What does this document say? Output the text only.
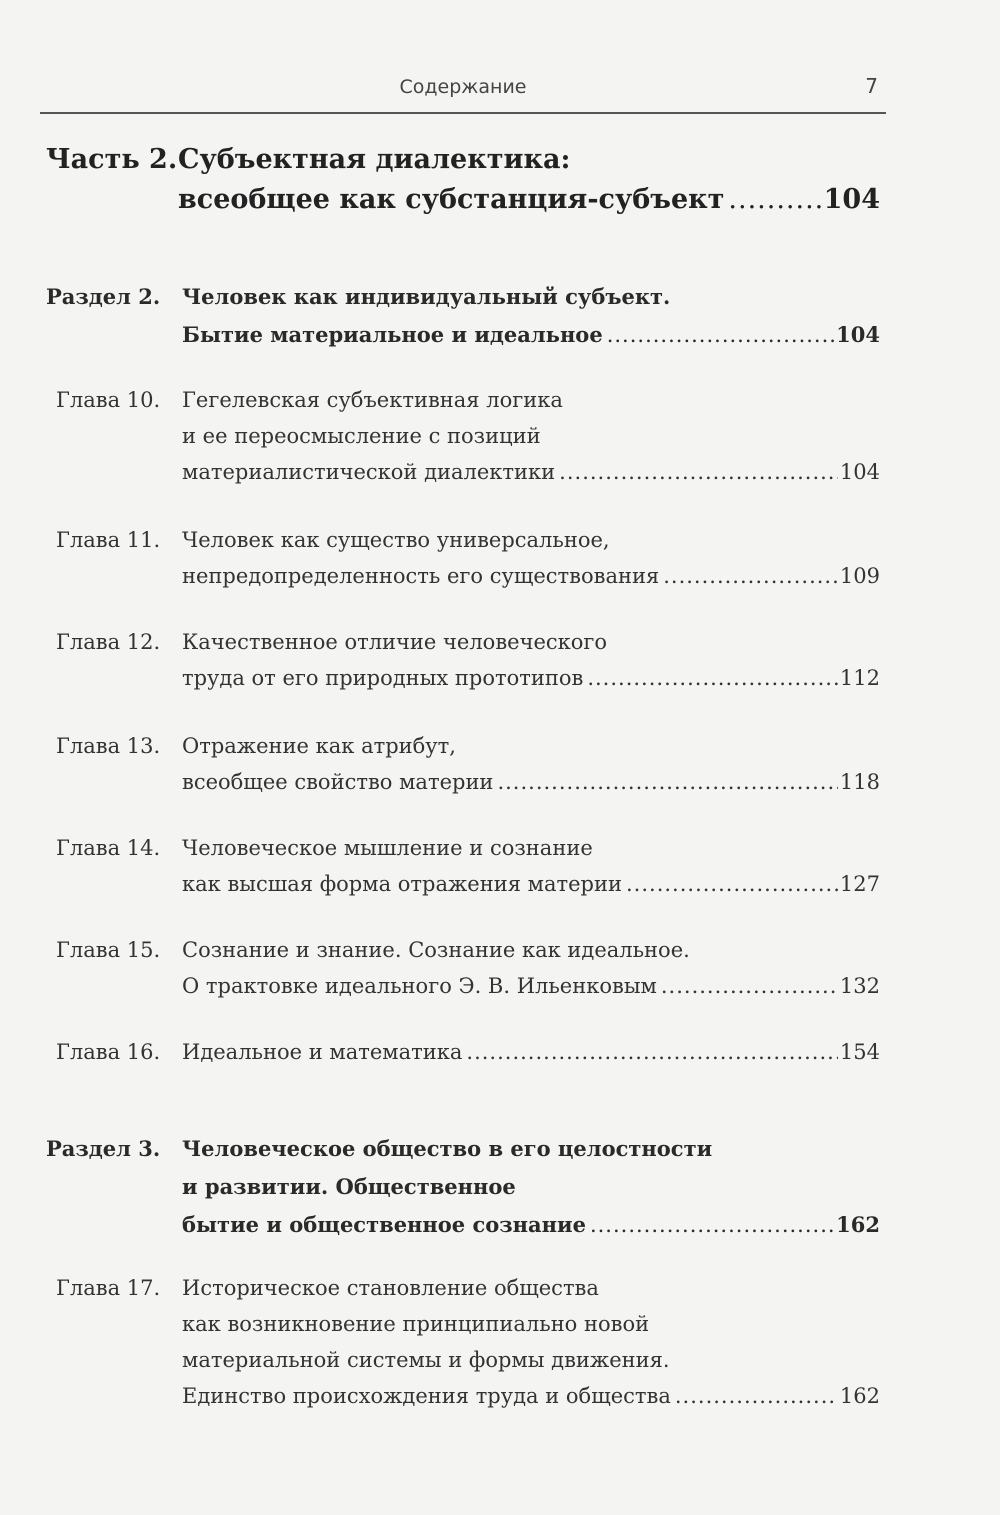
Содержание	7
Часть 2. Субъектная диалектика:
всеобщее как субстанция-субъект .....	104
Раздел 2. Человек как индивидуальный субъект.
Бытие материальное и идеальное .....	104
Глава 10. Гегелевская субъективная логика
и ее переосмысление с позиций
материалистической диалектики .....	104
Глава 11. Человек как существо универсальное,
непредопределенность его существования .....	109
Глава 12. Качественное отличие человеческого
труда от его природных прототипов .....	112
Глава 13. Отражение как атрибут,
всеобщее свойство материи .....	118
Глава 14. Человеческое мышление и сознание
как высшая форма отражения материи .....	127
Глава 15. Сознание и знание. Сознание как идеальное.
О трактовке идеального Э. В. Ильенковым .....	132
Глава 16. Идеальное и математика .....	154
Раздел 3. Человеческое общество в его целостности
и развитии. Общественное
бытие и общественное сознание .....	162
Глава 17. Историческое становление общества
как возникновение принципиально новой
материальной системы и формы движения.
Единство происхождения труда и общества .....	162
